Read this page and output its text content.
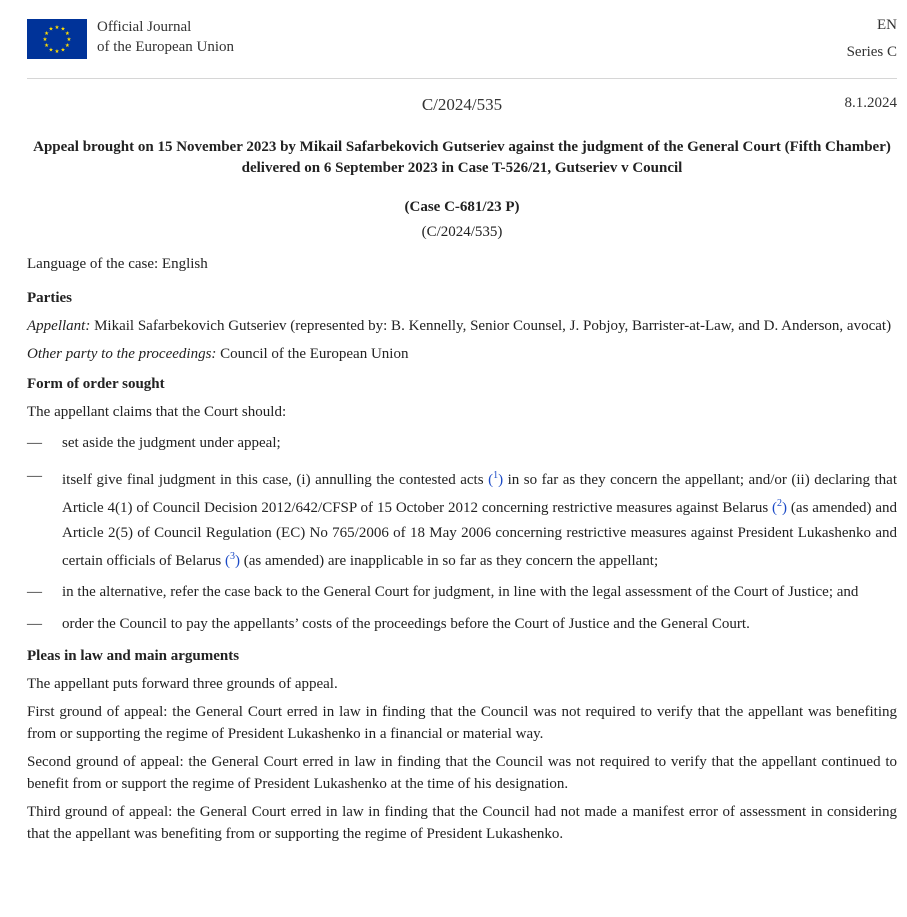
★ ★
★
★
★
★
★
★
★
★
★
★	Official Journal
of the European Union
EN
Series C
C/2024/535	8.1.2024
Appeal brought on 15 November 2023 by Mikail Safarbekovich Gutseriev against the judgment of the General Court (Fifth Chamber) delivered on 6 September 2023 in Case T-526/21, Gutseriev v Council
(Case C-681/23 P)
(C/2024/535)

Language of the case: English

Parties

Appellant: Mikail Safarbekovich Gutseriev (represented by: B. Kennelly, Senior Counsel, J. Pobjoy, Barrister-at-Law, and D. Anderson, avocat)

Other party to the proceedings: Council of the European Union

Form of order sought

The appellant claims that the Court should:

—	set aside the judgment under appeal;
—	itself give final judgment in this case, (i) annulling the contested acts ($^1$) in so far as they concern the appellant; and/or (ii) declaring that Article 4(1) of Council Decision 2012/642/CFSP of 15 October 2012 concerning restrictive measures against Belarus ($^2$) (as amended) and Article 2(5) of Council Regulation (EC) No 765/2006 of 18 May 2006 concerning restrictive measures against President Lukashenko and certain officials of Belarus ($^3$) (as amended) are inapplicable in so far as they concern the appellant;
—	in the alternative, refer the case back to the General Court for judgment, in line with the legal assessment of the Court of Justice; and
—	order the Council to pay the appellants’ costs of the proceedings before the Court of Justice and the General Court.

Pleas in law and main arguments

The appellant puts forward three grounds of appeal.

First ground of appeal: the General Court erred in law in finding that the Council was not required to verify that the appellant was benefiting from or supporting the regime of President Lukashenko in a financial or material way.

Second ground of appeal: the General Court erred in law in finding that the Council was not required to verify that the appellant continued to benefit from or support the regime of President Lukashenko at the time of his designation.

Third ground of appeal: the General Court erred in law in finding that the Council had not made a manifest error of assessment in considering that the appellant was benefiting from or supporting the regime of President Lukashenko.
